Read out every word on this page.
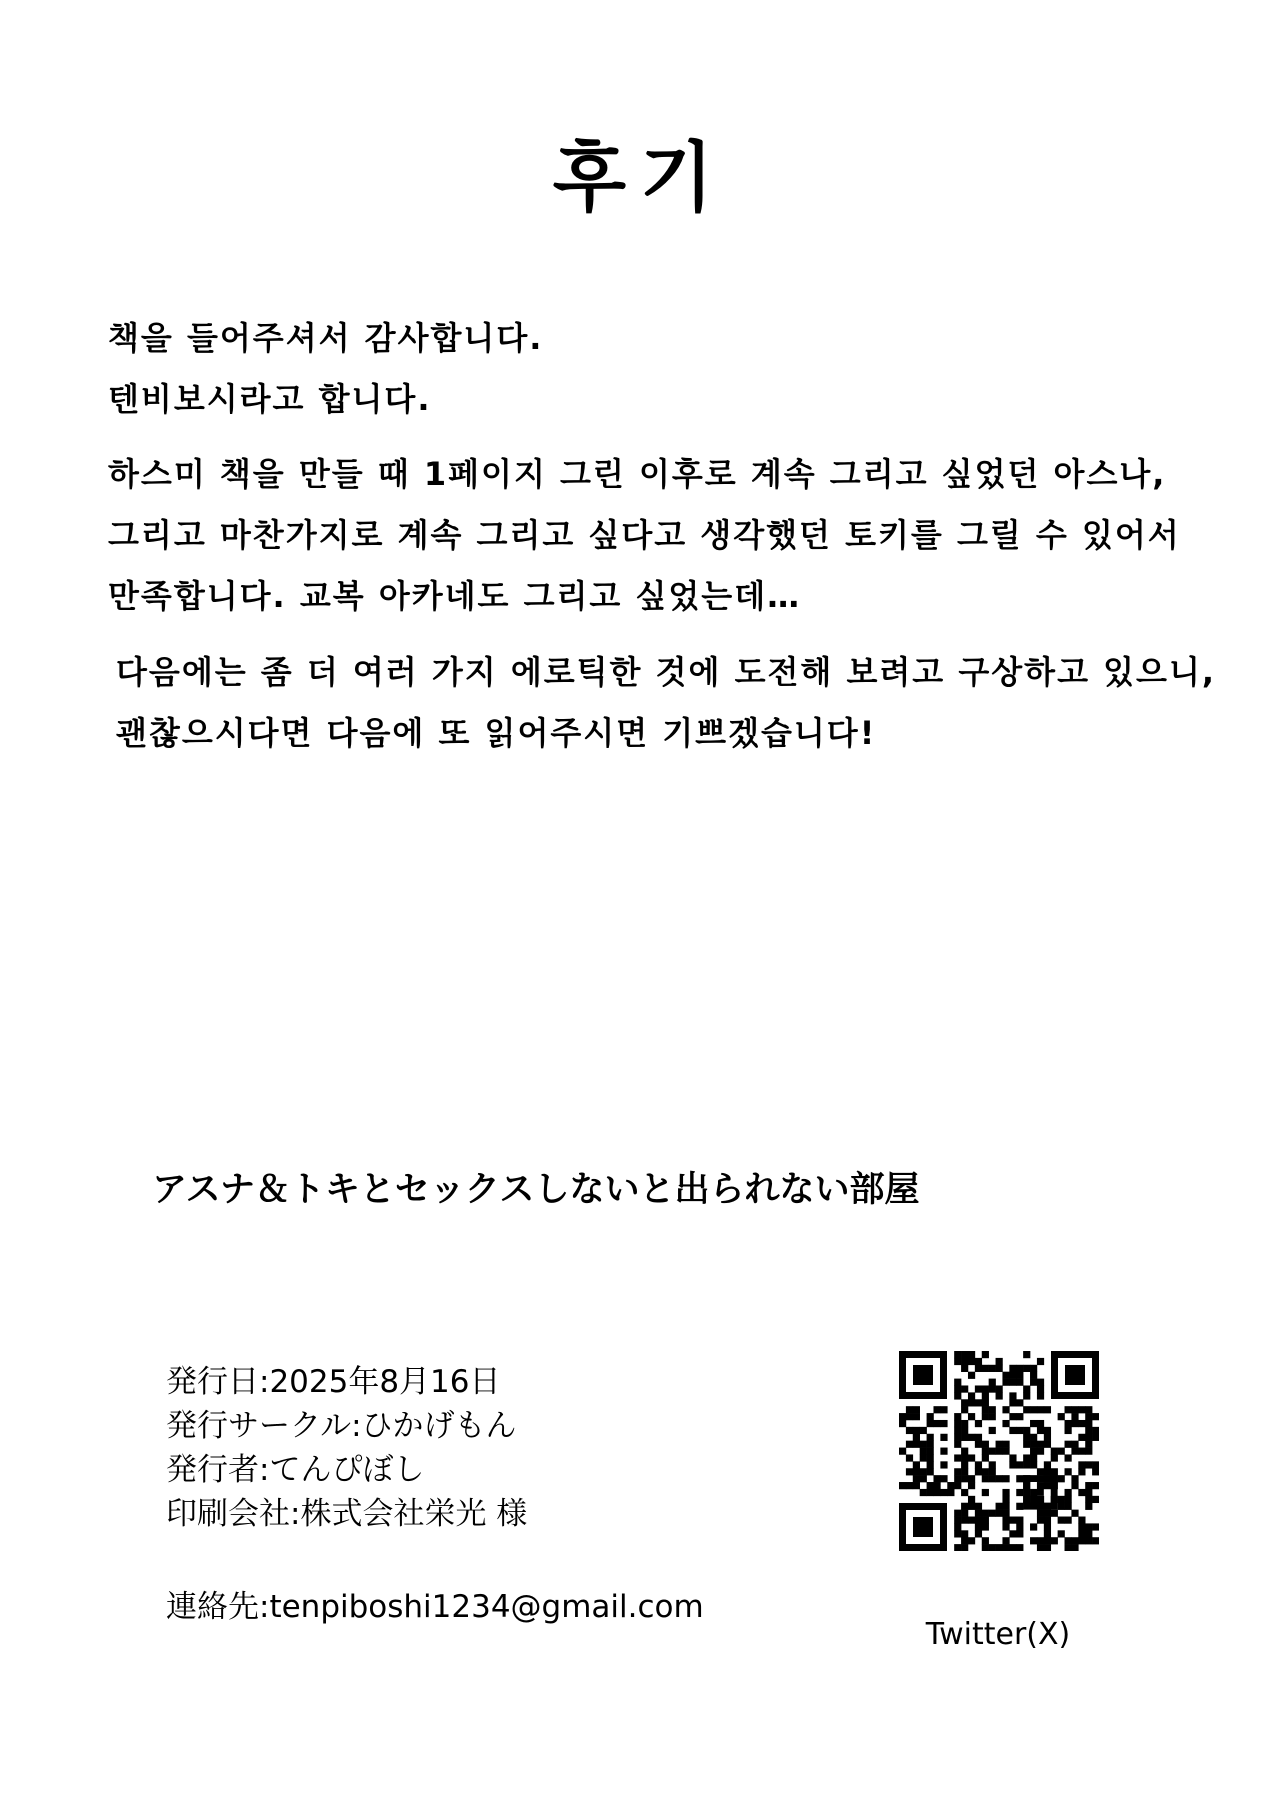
후기
책을 들어주셔서 감사합니다.
텐비보시라고 합니다.
하스미 책을 만들 때 1페이지 그린 이후로 계속 그리고 싶었던 아스나,
그리고 마찬가지로 계속 그리고 싶다고 생각했던 토키를 그릴 수 있어서
만족합니다. 교복 아카네도 그리고 싶었는데…
다음에는 좀 더 여러 가지 에로틱한 것에 도전해 보려고 구상하고 있으니,
괜찮으시다면 다음에 또 읽어주시면 기쁘겠습니다!
アスナ＆トキとセックスしないと出られない部屋
発行日:2025年8月16日
発行サークル:ひかげもん
発行者:てんぴぼし
印刷会社:株式会社栄光 様
連絡先:tenpiboshi1234@gmail.com
Twitter(X)
